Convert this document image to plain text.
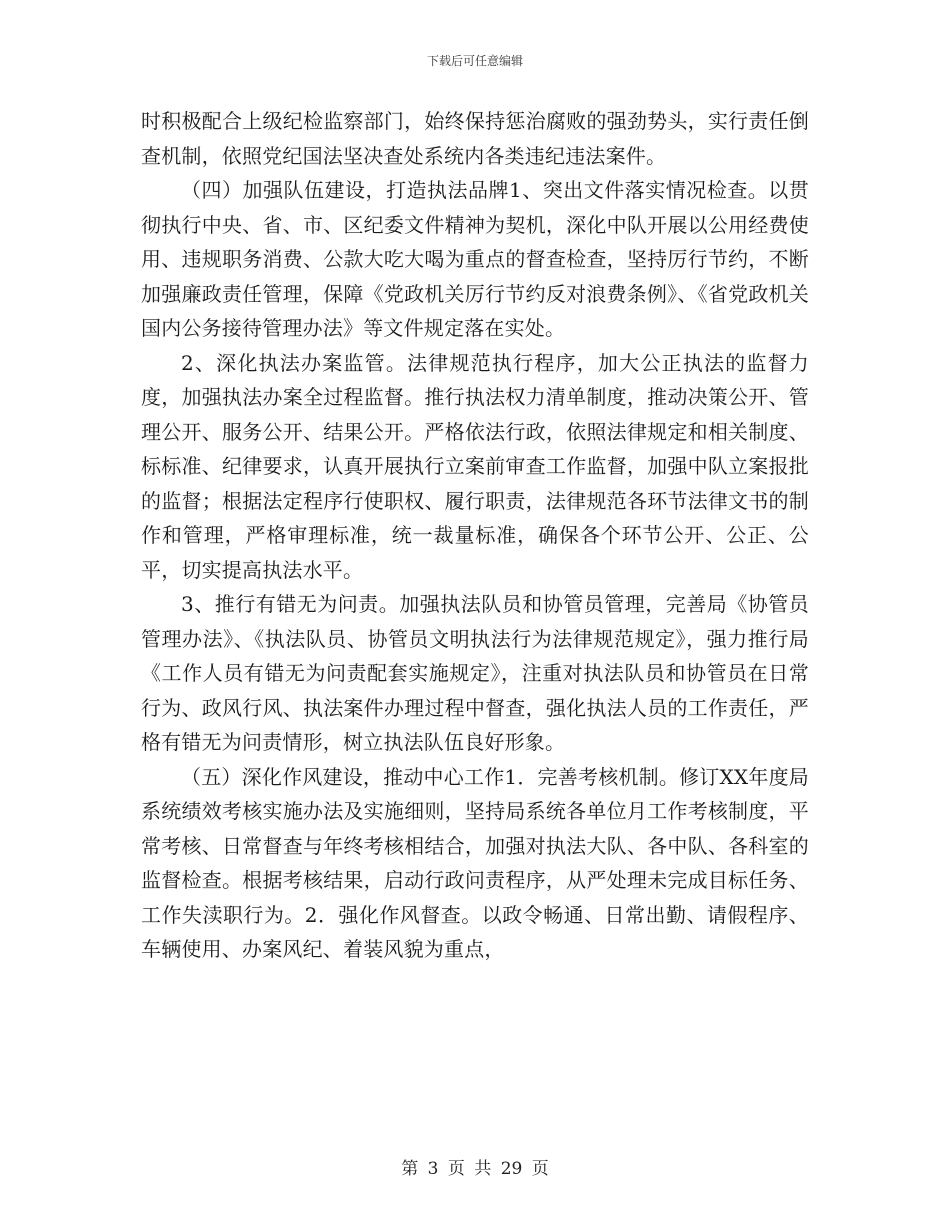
下载后可任意编辑

时积极配合上级纪检监察部门，始终保持惩治腐败的强劲势头，实行责任倒查机制，依照党纪国法坚决查处系统内各类违纪违法案件。

（四）加强队伍建设，打造执法品牌1、突出文件落实情况检查。以贯彻执行中央、省、市、区纪委文件精神为契机，深化中队开展以公用经费使用、违规职务消费、公款大吃大喝为重点的督查检查，坚持厉行节约，不断加强廉政责任管理，保障《党政机关厉行节约反对浪费条例》、《省党政机关国内公务接待管理办法》等文件规定落在实处。

2、深化执法办案监管。法律规范执行程序，加大公正执法的监督力度，加强执法办案全过程监督。推行执法权力清单制度，推动决策公开、管理公开、服务公开、结果公开。严格依法行政，依照法律规定和相关制度、标标准、纪律要求，认真开展执行立案前审查工作监督，加强中队立案报批的监督；根据法定程序行使职权、履行职责，法律规范各环节法律文书的制作和管理，严格审理标准，统一裁量标准，确保各个环节公开、公正、公平，切实提高执法水平。

3、推行有错无为问责。加强执法队员和协管员管理，完善局《协管员管理办法》、《执法队员、协管员文明执法行为法律规范规定》，强力推行局《工作人员有错无为问责配套实施规定》，注重对执法队员和协管员在日常行为、政风行风、执法案件办理过程中督查，强化执法人员的工作责任，严格有错无为问责情形，树立执法队伍良好形象。

（五）深化作风建设，推动中心工作1．完善考核机制。修订XX年度局系统绩效考核实施办法及实施细则，坚持局系统各单位月工作考核制度，平常考核、日常督查与年终考核相结合，加强对执法大队、各中队、各科室的监督检查。根据考核结果，启动行政问责程序，从严处理未完成目标任务、工作失渎职行为。2．强化作风督查。以政令畅通、日常出勤、请假程序、车辆使用、办案风纪、着装风貌为重点，

第 3 页 共 29 页
